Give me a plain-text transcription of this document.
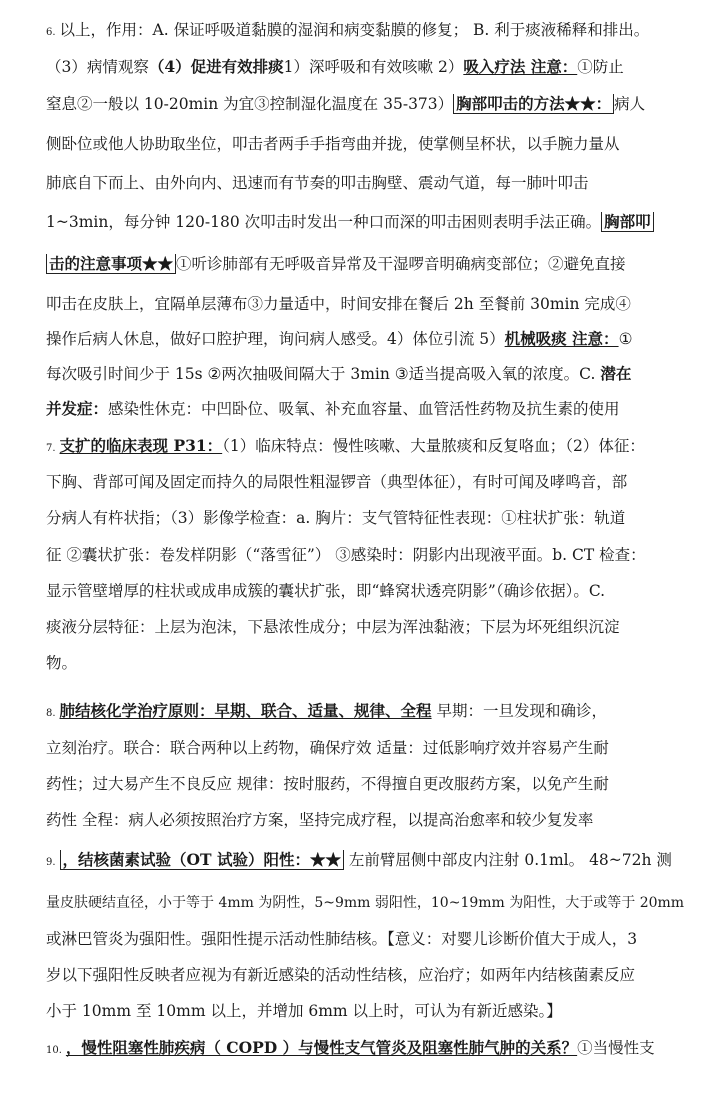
6. 以上，作用：A. 保证呼吸道黏膜的湿润和病变黏膜的修复； B. 利于痰液稀释和排出。
（3）病情观察（4）促进有效排痰1）深呼吸和有效咳嗽 2）吸入疗法 注意：①防止
窒息②一般以 10-20min 为宜③控制湿化温度在 35-373） 胸部叩击的方法★★： 病人
侧卧位或他人协助取坐位，叩击者两手手指弯曲并拢，使掌侧呈杯状，以手腕力量从
肺底自下而上、由外向内、迅速而有节奏的叩击胸壁、震动气道，每一肺叶叩击
1~3min，每分钟 120-180 次叩击时发出一种口而深的叩击困则表明手法正确。 胸部叩
击的注意事项★★ ①听诊肺部有无呼吸音异常及干湿啰音明确病变部位；②避免直接
叩击在皮肤上，宜隔单层薄布③力量适中，时间安排在餐后 2h 至餐前 30min 完成④
操作后病人休息，做好口腔护理，询问病人感受。4）体位引流 5）机械吸痰 注意：①
每次吸引时间少于 15s ②两次抽吸间隔大于 3min ③适当提高吸入氧的浓度。C. 潜在
并发症：感染性休克：中凹卧位、吸氧、补充血容量、血管活性药物及抗生素的使用
7. 支扩的临床表现 P31：（1）临床特点：慢性咳嗽、大量脓痰和反复咯血；（2）体征：
下胸、背部可闻及固定而持久的局限性粗湿锣音（典型体征），有时可闻及哮鸣音，部
分病人有杵状指；（3）影像学检查：a. 胸片：支气管特征性表现：①柱状扩张：轨道
征 ②囊状扩张：卷发样阴影（“落雪征”） ③感染时：阴影内出现液平面。b. CT 检查：
显示管壁增厚的柱状或成串成簇的囊状扩张，即“蜂窝状透亮阴影”（确诊依据）。C.
痰液分层特征：上层为泡沫，下悬浓性成分；中层为浑浊黏液；下层为坏死组织沉淀
物。
8. 肺结核化学治疗原则：早期、联合、适量、规律、全程 早期：一旦发现和确诊，
立刻治疗。联合：联合两种以上药物，确保疗效 适量：过低影响疗效并容易产生耐
药性；过大易产生不良反应 规律：按时服药，不得擅自更改服药方案，以免产生耐
药性 全程：病人必须按照治疗方案，坚持完成疗程，以提高治愈率和较少复发率
9. ，结核菌素试验（OT 试验）阳性：★★ 左前臂屈侧中部皮内注射 0.1ml。 48~72h 测
量皮肤硬结直径，小于等于 4mm 为阴性，5~9mm 弱阳性，10~19mm 为阳性，大于或等于 20mm
或淋巴管炎为强阳性。强阳性提示活动性肺结核。【意义：对婴儿诊断价值大于成人，3
岁以下强阳性反映者应视为有新近感染的活动性结核，应治疗；如两年内结核菌素反应
小于 10mm 至 10mm 以上，并增加 6mm 以上时，可认为有新近感染。】
10. ，慢性阻塞性肺疾病（ COPD ）与慢性支气管炎及阻塞性肺气肿的关系？①当慢性支
